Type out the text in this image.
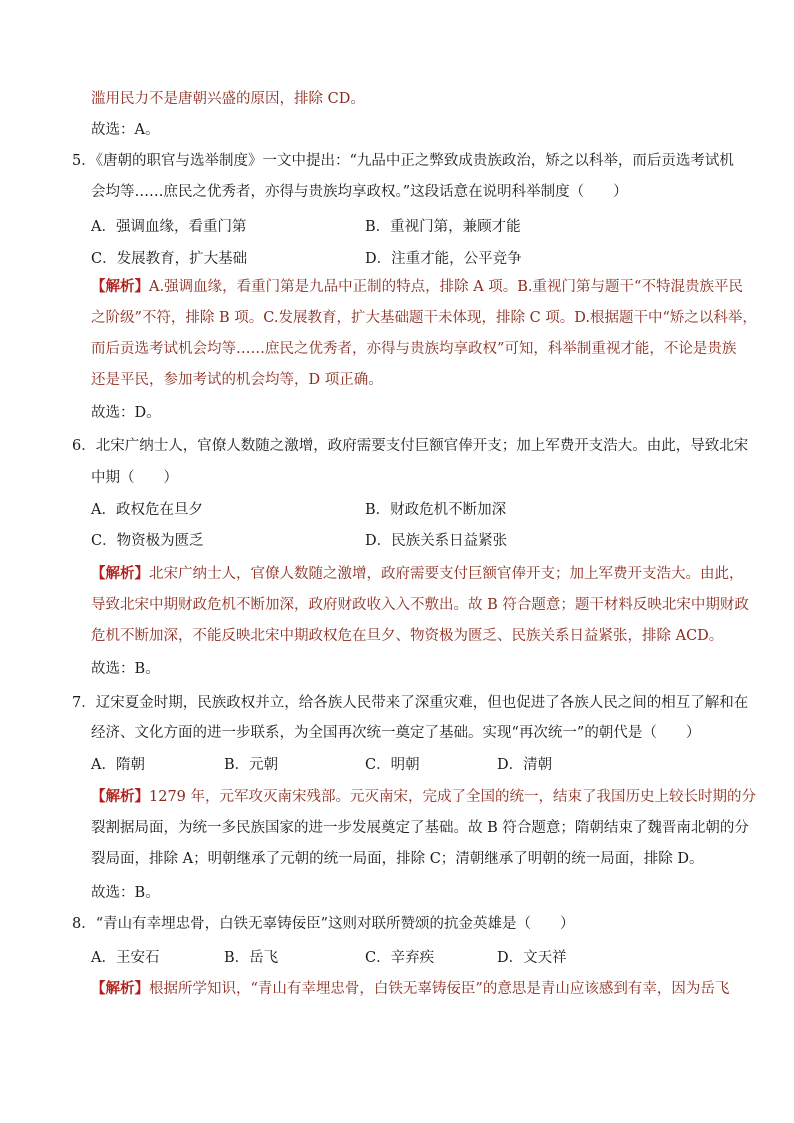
滥用民力不是唐朝兴盛的原因，排除 CD。
故选：A。
5．《唐朝的职官与选举制度》一文中提出：“九品中正之弊致成贵族政治，矫之以科举，而后贡选考试机
会均等……庶民之优秀者，亦得与贵族均享政权。”这段话意在说明科举制度（　　）
A．强调血缘，看重门第	B．重视门第，兼顾才能
C．发展教育，扩大基础	D．注重才能，公平竞争
【解析】A.强调血缘，看重门第是九品中正制的特点，排除 A 项。B.重视门第与题干“不特混贵族平民
之阶级”不符，排除 B 项。C.发展教育，扩大基础题干未体现，排除 C 项。D.根据题干中“矫之以科举，
而后贡选考试机会均等……庶民之优秀者，亦得与贵族均享政权”可知，科举制重视才能，不论是贵族
还是平民，参加考试的机会均等，D 项正确。
故选：D。
6．北宋广纳士人，官僚人数随之激增，政府需要支付巨额官俸开支；加上军费开支浩大。由此，导致北宋
中期（　　）
A．政权危在旦夕	B．财政危机不断加深
C．物资极为匮乏	D．民族关系日益紧张
【解析】北宋广纳士人，官僚人数随之激增，政府需要支付巨额官俸开支；加上军费开支浩大。由此，
导致北宋中期财政危机不断加深，政府财政收入入不敷出。故 B 符合题意；题干材料反映北宋中期财政
危机不断加深，不能反映北宋中期政权危在旦夕、物资极为匮乏、民族关系日益紧张，排除 ACD。
故选：B。
7．辽宋夏金时期，民族政权并立，给各族人民带来了深重灾难，但也促进了各族人民之间的相互了解和在
经济、文化方面的进一步联系，为全国再次统一奠定了基础。实现“再次统一”的朝代是（　　）
A．隋朝	B．元朝	C．明朝	D．清朝
【解析】1279 年，元军攻灭南宋残部。元灭南宋，完成了全国的统一，结束了我国历史上较长时期的分
裂割据局面，为统一多民族国家的进一步发展奠定了基础。故 B 符合题意；隋朝结束了魏晋南北朝的分
裂局面，排除 A；明朝继承了元朝的统一局面，排除 C；清朝继承了明朝的统一局面，排除 D。
故选：B。
8．“青山有幸埋忠骨，白铁无辜铸佞臣”这则对联所赞颂的抗金英雄是（　　）
A．王安石	B．岳飞	C．辛弃疾	D．文天祥
【解析】根据所学知识，“青山有幸埋忠骨，白铁无辜铸佞臣”的意思是青山应该感到有幸，因为岳飞
